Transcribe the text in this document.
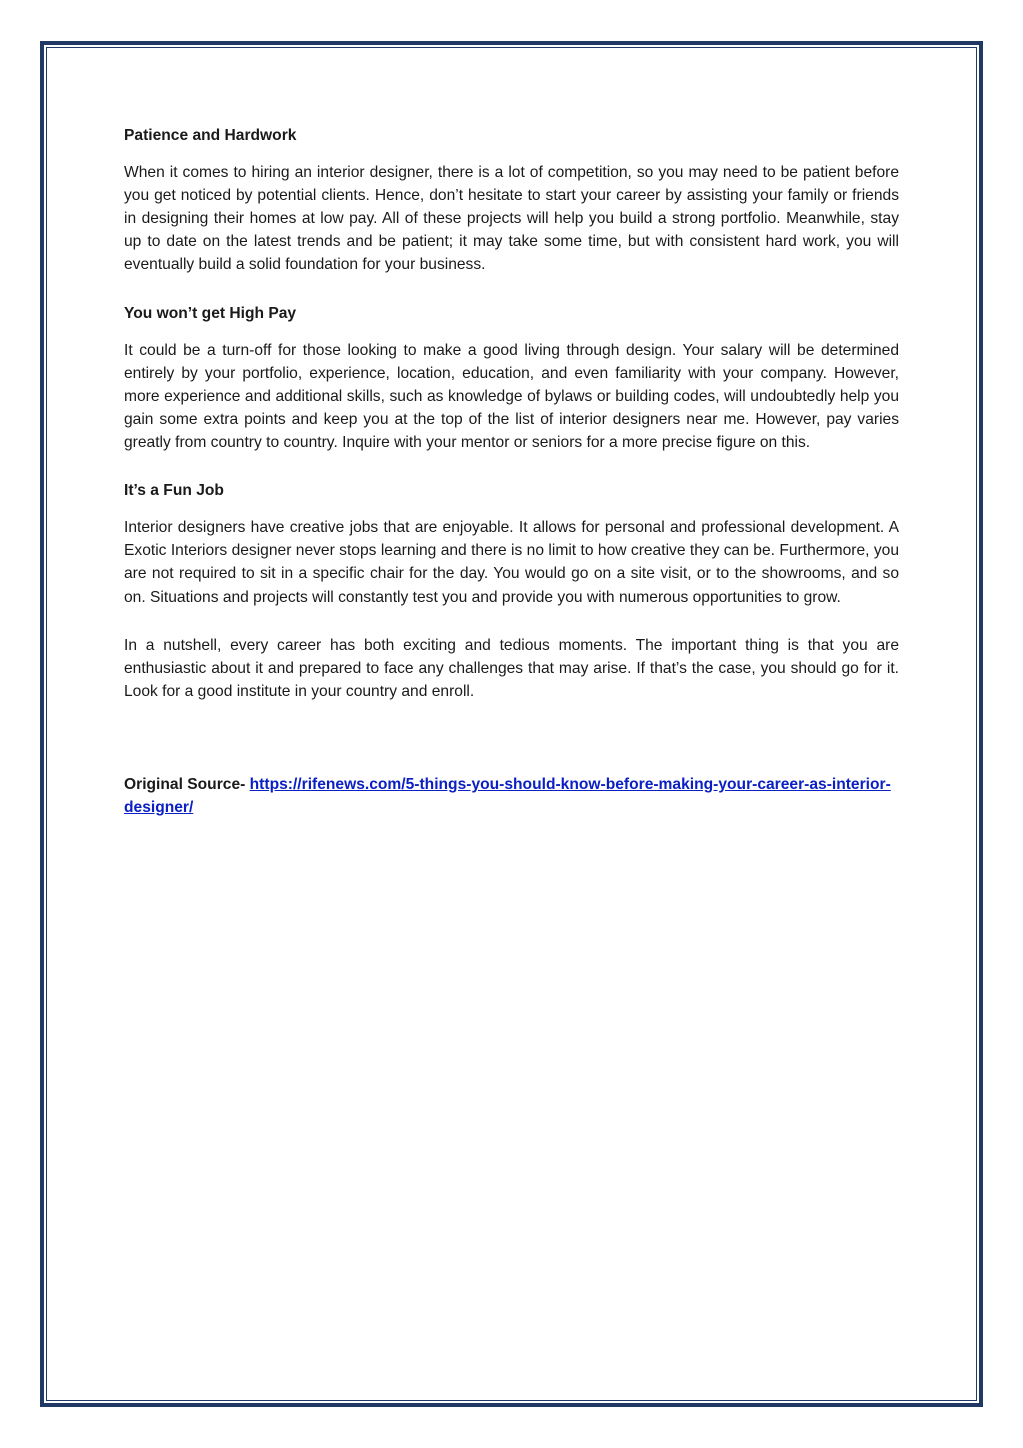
Patience and Hardwork

When it comes to hiring an interior designer, there is a lot of competition, so you may need to be patient before you get noticed by potential clients. Hence, don’t hesitate to start your career by assisting your family or friends in designing their homes at low pay. All of these projects will help you build a strong portfolio. Meanwhile, stay up to date on the latest trends and be patient; it may take some time, but with consistent hard work, you will eventually build a solid foundation for your business.

You won’t get High Pay

It could be a turn-off for those looking to make a good living through design. Your salary will be determined entirely by your portfolio, experience, location, education, and even familiarity with your company. However, more experience and additional skills, such as knowledge of bylaws or building codes, will undoubtedly help you gain some extra points and keep you at the top of the list of interior designers near me. However, pay varies greatly from country to country. Inquire with your mentor or seniors for a more precise figure on this.

It’s a Fun Job

Interior designers have creative jobs that are enjoyable. It allows for personal and professional development. A Exotic Interiors designer never stops learning and there is no limit to how creative they can be. Furthermore, you are not required to sit in a specific chair for the day. You would go on a site visit, or to the showrooms, and so on. Situations and projects will constantly test you and provide you with numerous opportunities to grow.

In a nutshell, every career has both exciting and tedious moments. The important thing is that you are enthusiastic about it and prepared to face any challenges that may arise. If that’s the case, you should go for it. Look for a good institute in your country and enroll.

Original Source- https://rifenews.com/5-things-you-should-know-before-making-your-career-as-interior-designer/
